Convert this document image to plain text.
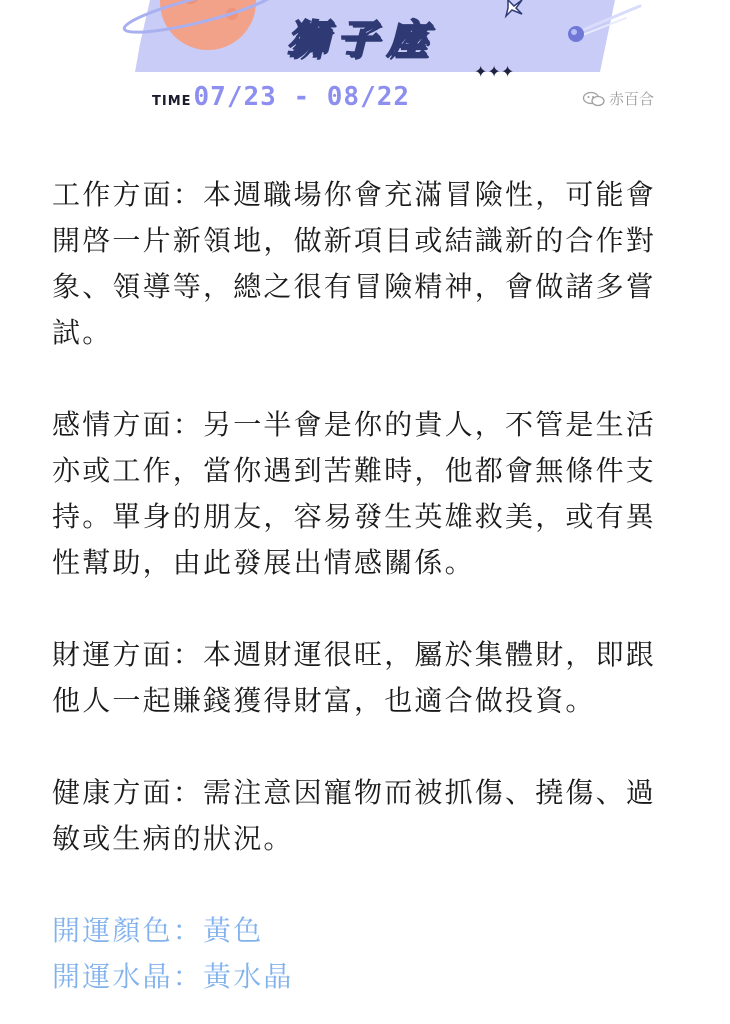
狮子座
✦✦✦
TIME 07/23 - 08/22	赤百合

工作方面：本週職場你會充滿冒險性，可能會開啓一片新領地，做新項目或結識新的合作對象、領導等，總之很有冒險精神，會做諸多嘗試。

感情方面：另一半會是你的貴人，不管是生活亦或工作，當你遇到苦難時，他都會無條件支持。單身的朋友，容易發生英雄救美，或有異性幫助，由此發展出情感關係。

財運方面：本週財運很旺，屬於集體財，即跟他人一起賺錢獲得財富，也適合做投資。

健康方面：需注意因寵物而被抓傷、撓傷、過敏或生病的狀況。

開運顏色：黃色

開運水晶：黃水晶
